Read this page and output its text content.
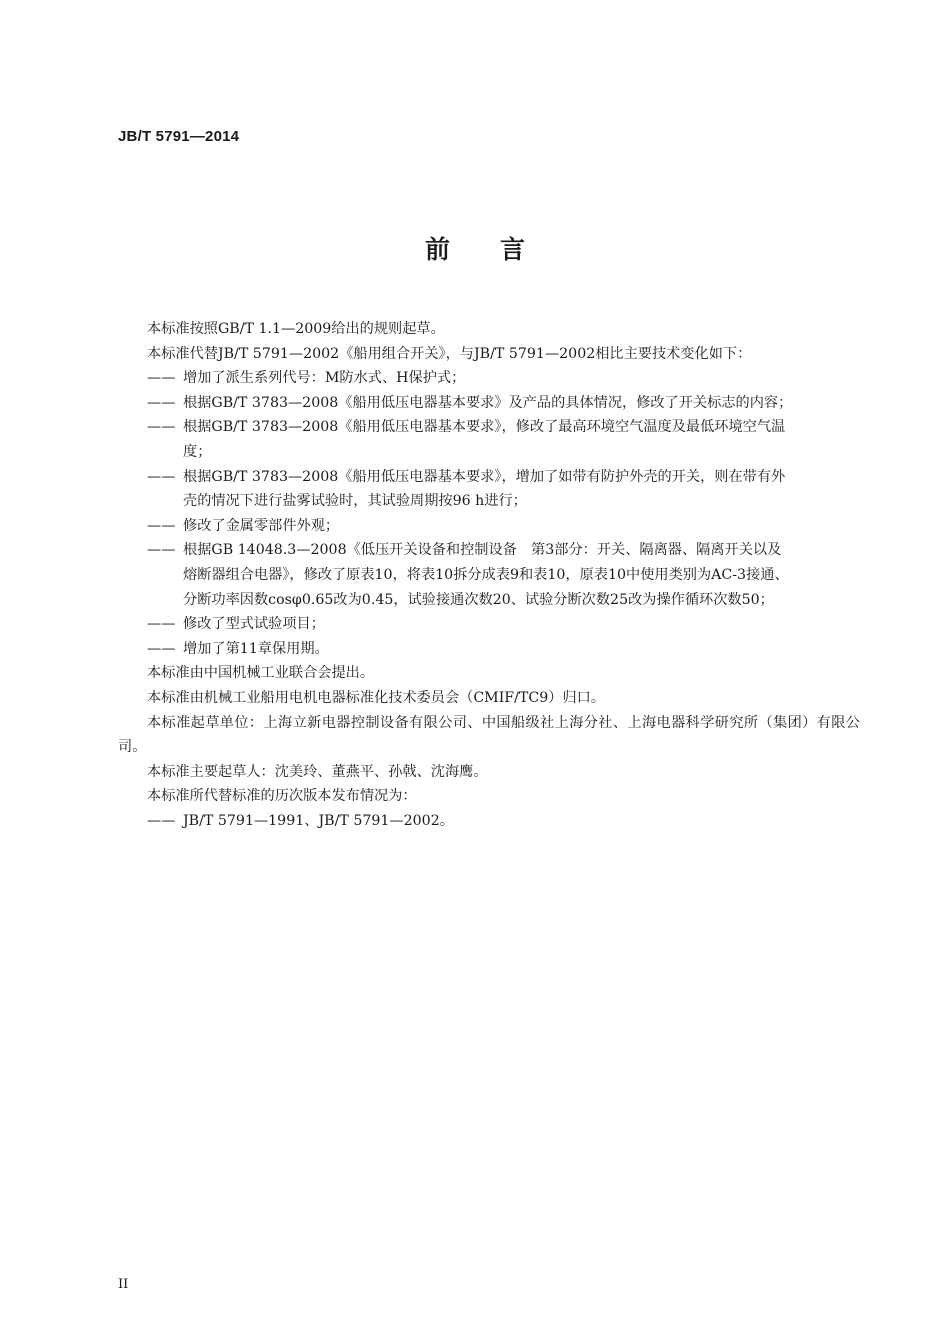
JB/T 5791—2014
前 言
本标准按照GB/T 1.1—2009给出的规则起草。
本标准代替JB/T 5791—2002《船用组合开关》，与JB/T 5791—2002相比主要技术变化如下：
—— 增加了派生系列代号：M防水式、H保护式；
—— 根据GB/T 3783—2008《船用低压电器基本要求》及产品的具体情况，修改了开关标志的内容；
—— 根据GB/T 3783—2008《船用低压电器基本要求》，修改了最高环境空气温度及最低环境空气温
度；
—— 根据GB/T 3783—2008《船用低压电器基本要求》，增加了如带有防护外壳的开关，则在带有外
壳的情况下进行盐雾试验时，其试验周期按96 h进行；
—— 修改了金属零部件外观；
—— 根据GB 14048.3—2008《低压开关设备和控制设备　第3部分：开关、隔离器、隔离开关以及
熔断器组合电器》，修改了原表10，将表10拆分成表9和表10，原表10中使用类别为AC-3接通、
分断功率因数cosφ0.65改为0.45，试验接通次数20、试验分断次数25改为操作循环次数50；
—— 修改了型式试验项目；
—— 增加了第11章保用期。
本标准由中国机械工业联合会提出。
本标准由机械工业船用电机电器标准化技术委员会（CMIF/TC9）归口。
本标准起草单位：上海立新电器控制设备有限公司、中国船级社上海分社、上海电器科学研究所（集团）有限公司。
本标准主要起草人：沈美玲、董燕平、孙戟、沈海鹰。
本标准所代替标准的历次版本发布情况为：
—— JB/T 5791—1991、JB/T 5791—2002。
II
